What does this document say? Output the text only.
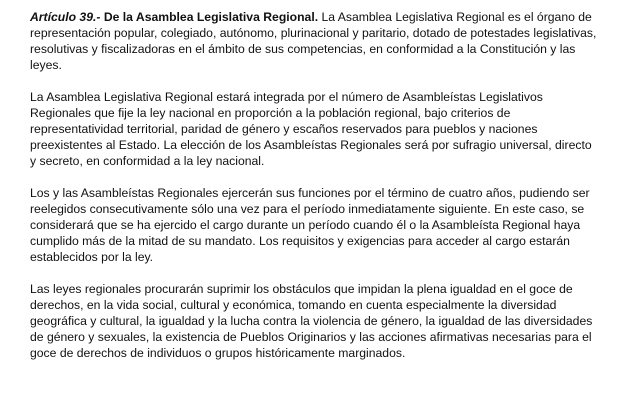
Artículo 39.- De la Asamblea Legislativa Regional. La Asamblea Legislativa Regional es el órgano de representación popular, colegiado, autónomo, plurinacional y paritario, dotado de potestades legislativas, resolutivas y fiscalizadoras en el ámbito de sus competencias, en conformidad a la Constitución y las leyes.

La Asamblea Legislativa Regional estará integrada por el número de Asambleístas Legislativos Regionales que fije la ley nacional en proporción a la población regional, bajo criterios de representatividad territorial, paridad de género y escaños reservados para pueblos y naciones preexistentes al Estado. La elección de los Asambleístas Regionales será por sufragio universal, directo y secreto, en conformidad a la ley nacional.

Los y las Asambleístas Regionales ejercerán sus funciones por el término de cuatro años, pudiendo ser reelegidos consecutivamente sólo una vez para el período inmediatamente siguiente. En este caso, se considerará que se ha ejercido el cargo durante un período cuando él o la Asambleísta Regional haya cumplido más de la mitad de su mandato. Los requisitos y exigencias para acceder al cargo estarán establecidos por la ley.

Las leyes regionales procurarán suprimir los obstáculos que impidan la plena igualdad en el goce de derechos, en la vida social, cultural y económica, tomando en cuenta especialmente la diversidad geográfica y cultural, la igualdad y la lucha contra la violencia de género, la igualdad de las diversidades de género y sexuales, la existencia de Pueblos Originarios y las acciones afirmativas necesarias para el goce de derechos de individuos o grupos históricamente marginados.
